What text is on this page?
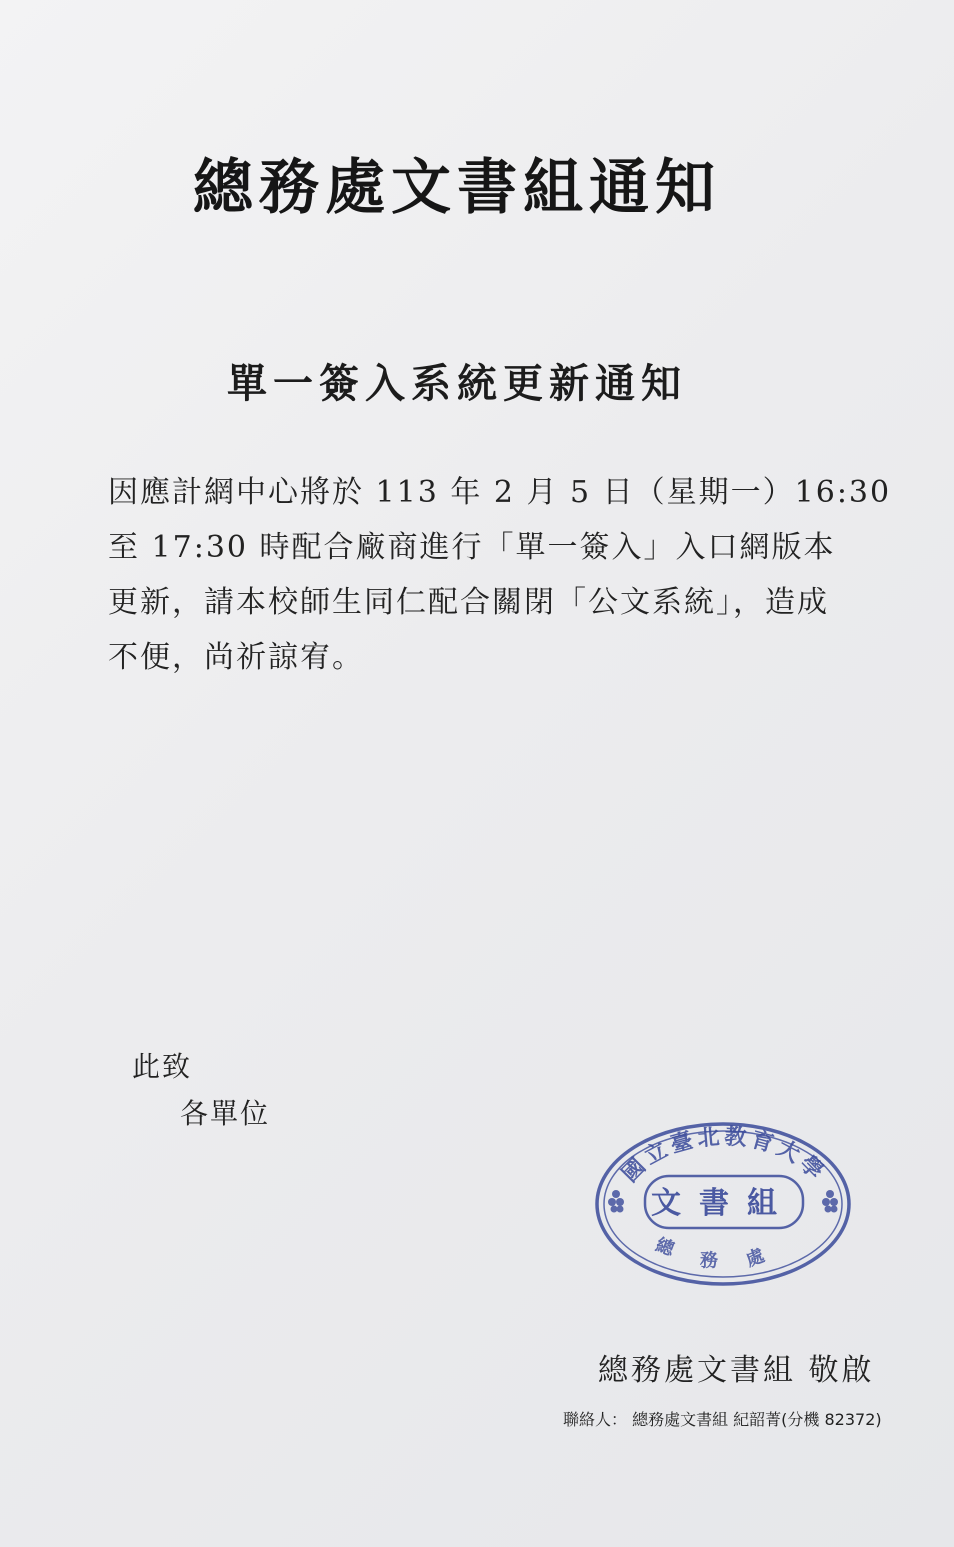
總務處文書組通知
單一簽入系統更新通知
因應計網中心將於 113 年 2 月 5 日（星期一）16:30
至 17:30 時配合廠商進行「單一簽入」入口網版本
更新，請本校師生同仁配合關閉「公文系統」，造成
不便，尚祈諒宥。
此致
各單位
國立臺北教育大學
文書組
總務處
總務處文書組 敬啟
聯絡人： 總務處文書組 紀韶菁(分機 82372)
